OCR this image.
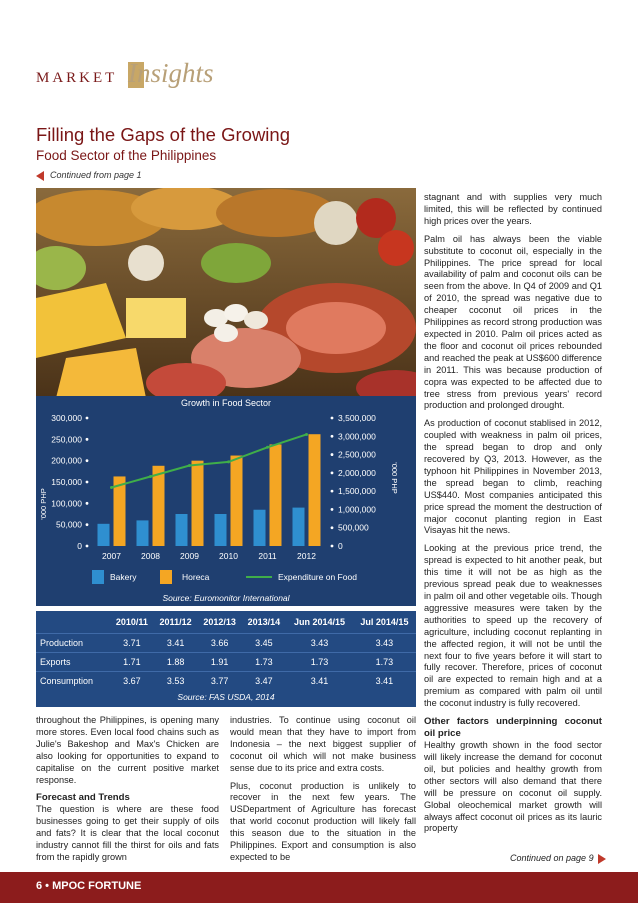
MARKET Insights
Filling the Gaps of the Growing
Food Sector of the Philippines
Continued from page 1
Growth in Food Sector
'000 PHP
'000 PHP
300,000
250,000
200,000
150,000
100,000
50,000
0
3,500,000
3,000,000
2,500,000
2,000,000
1,500,000
1,000,000
500,000
0
2007 2008 2009 2010 2011 2012
Bakery	Horeca	Expenditure on Food
Source: Euromonitor International
	2010/11	2011/12	2012/13	2013/14	Jun 2014/15	Jul 2014/15
Production	3.71	3.41	3.66	3.45	3.43	3.43
Exports	1.71	1.88	1.91	1.73	1.73	1.73
Consumption	3.67	3.53	3.77	3.47	3.41	3.41
Source: FAS USDA, 2014

throughout the Philippines, is opening many more stores. Even local food chains such as Julie's Bakeshop and Max's Chicken are also looking for opportunities to expand to capitalise on the current positive market response.

Forecast and Trends

The question is where are these food businesses going to get their supply of oils and fats? It is clear that the local coconut industry cannot fill the thirst for oils and fats from the rapidly grown

industries. To continue using coconut oil would mean that they have to import from Indonesia – the next biggest supplier of coconut oil which will not make business sense due to its price and extra costs.

Plus, coconut production is unlikely to recover in the next few years. The USDepartment of Agriculture has forecast that world coconut production will likely fall this season due to the situation in the Philippines. Export and consumption is also expected to be

stagnant and with supplies very much limited, this will be reflected by continued high prices over the years.

Palm oil has always been the viable substitute to coconut oil, especially in the Philippines. The price spread for local availability of palm and coconut oils can be seen from the above. In Q4 of 2009 and Q1 of 2010, the spread was negative due to cheaper coconut oil prices in the Philippines as record strong production was expected in 2010. Palm oil prices acted as the floor and coconut oil prices rebounded and reached the peak at US$600 difference in 2011. This was because production of copra was expected to be affected due to tree stress from previous years' record production and prolonged drought.

As production of coconut stablised in 2012, coupled with weakness in palm oil prices, the spread began to drop and only recovered by Q3, 2013. However, as the typhoon hit Philippines in November 2013, the spread began to climb, reaching US$440. Most companies anticipated this price spread the moment the destruction of major coconut planting region in East Visayas hit the news.

Looking at the previous price trend, the spread is expected to hit another peak, but this time it will not be as high as the previous spread peak due to weaknesses in palm oil and other vegetable oils. Though aggressive measures were taken by the authorities to speed up the recovery of agriculture, including coconut replanting in the affected region, it will not be until the next four to five years before it will start to fully recover. Therefore, prices of coconut oil are expected to remain high and at a premium as compared with palm oil until the coconut industry is fully recovered.

Other factors underpinning coconut oil price

Healthy growth shown in the food sector will likely increase the demand for coconut oil, but policies and healthy growth from other sectors will also demand that there will be pressure on coconut oil supply. Global oleochemical market growth will always affect coconut oil prices as its lauric property

Continued on page 9
6 • MPOC FORTUNE
